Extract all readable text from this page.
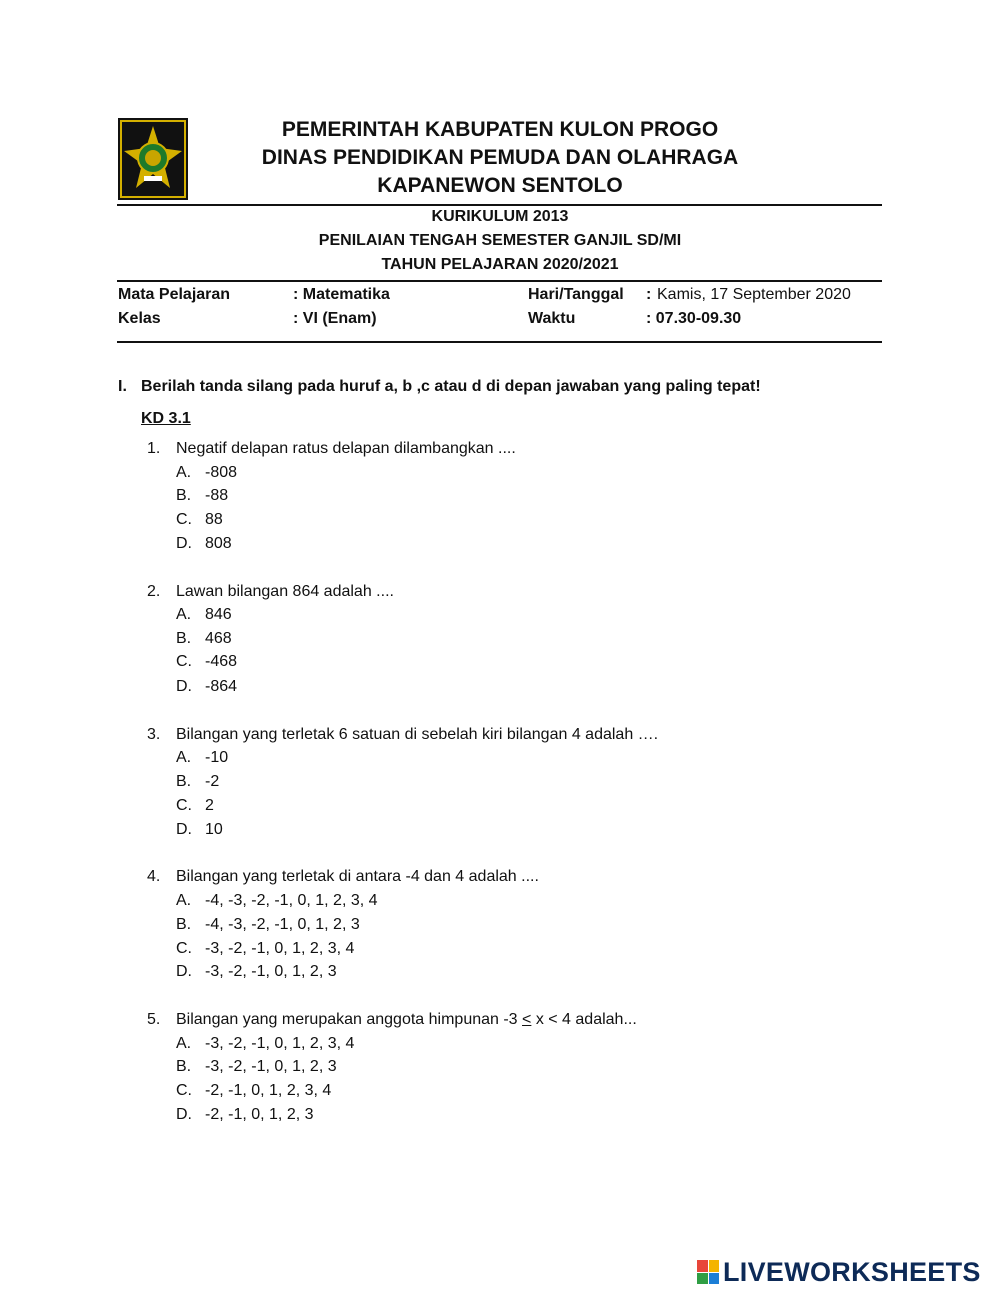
PEMERINTAH KABUPATEN KULON PROGO
DINAS PENDIDIKAN PEMUDA DAN OLAHRAGA
KAPANEWON SENTOLO
KURIKULUM 2013
PENILAIAN TENGAH SEMESTER GANJIL SD/MI
TAHUN PELAJARAN 2020/2021
Mata Pelajaran	: Matematika	Hari/Tanggal : Kamis, 17 September 2020
Kelas	: VI (Enam)	Waktu	: 07.30-09.30
I. Berilah tanda silang pada huruf a, b ,c atau d di depan jawaban yang paling tepat!
KD 3.1
1. Negatif delapan ratus delapan dilambangkan ....
A. -808
B. -88
C. 88
D. 808
2. Lawan bilangan 864 adalah ....
A. 846
B. 468
C. -468
D. -864
3. Bilangan yang terletak 6 satuan di sebelah kiri bilangan 4 adalah ….
A. -10
B. -2
C. 2
D. 10
4. Bilangan yang terletak di antara -4 dan 4 adalah ....
A. -4, -3, -2, -1, 0, 1, 2, 3, 4
B. -4, -3, -2, -1, 0, 1, 2, 3
C. -3, -2, -1, 0, 1, 2, 3, 4
D. -3, -2, -1, 0, 1, 2, 3
5. Bilangan yang merupakan anggota himpunan -3 ≤ x < 4 adalah...
A. -3, -2, -1, 0, 1, 2, 3, 4
B. -3, -2, -1, 0, 1, 2, 3
C. -2, -1, 0, 1, 2, 3, 4
D. -2, -1, 0, 1, 2, 3
LIVEWORKSHEETS
